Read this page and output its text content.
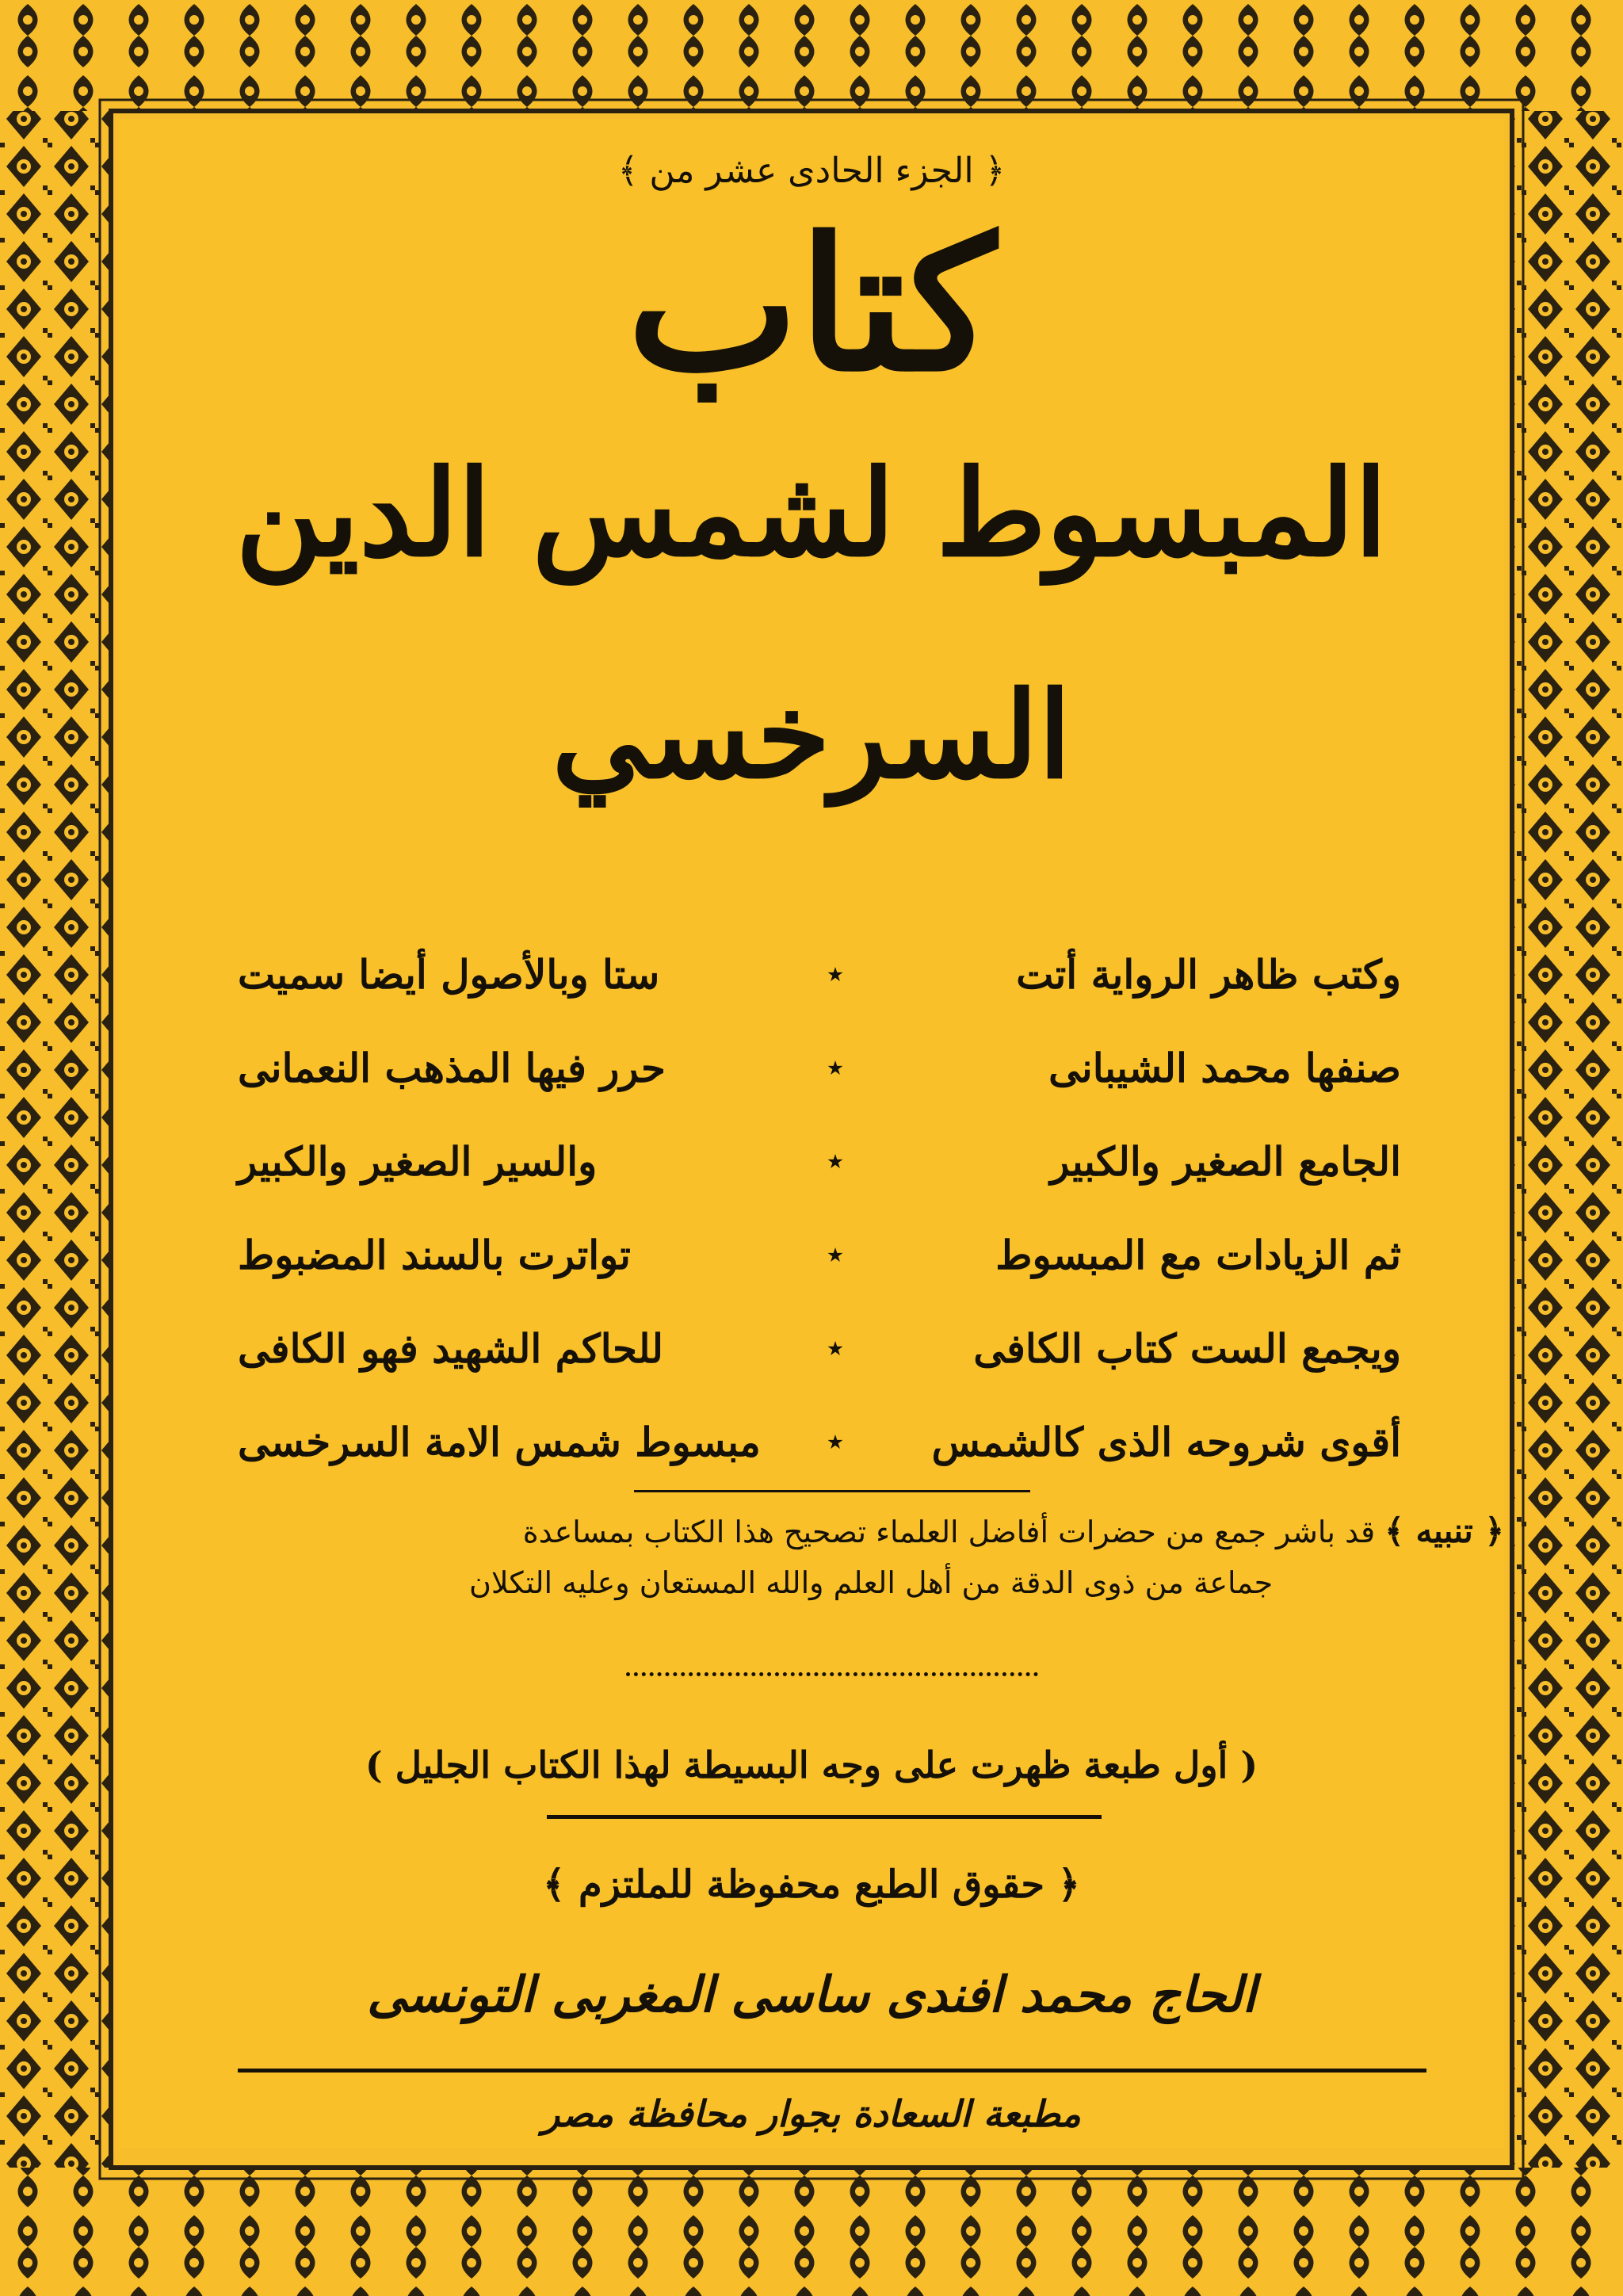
﴿ الجزء الحادى عشر من ﴾
كتاب
المبسوط لشمس الدين
السرخسي
وكتب ظاهر الرواية أتت
٭
ستا وبالأصول أيضا سميت
صنفها محمد الشيبانى
٭
حرر فيها المذهب النعمانى
الجامع الصغير والكبير
٭
والسير الصغير والكبير
ثم الزيادات مع المبسوط
٭
تواترت بالسند المضبوط
ويجمع الست كتاب الكافى
٭
للحاكم الشهيد فهو الكافى
أقوى شروحه الذى كالشمس
٭
مبسوط شمس الامة السرخسى
﴿ تنبيه ﴾ قد باشر جمع من حضرات أفاضل العلماء تصحيح هذا الكتاب بمساعدة
جماعة من ذوى الدقة من أهل العلم والله المستعان وعليه التكلان
( أول طبعة ظهرت على وجه البسيطة لهذا الكتاب الجليل )
﴿ حقوق الطبع محفوظة للملتزم ﴾
الحاج محمد افندى ساسى المغربى التونسى
مطبعة السعادة بجوار محافظة مصر
